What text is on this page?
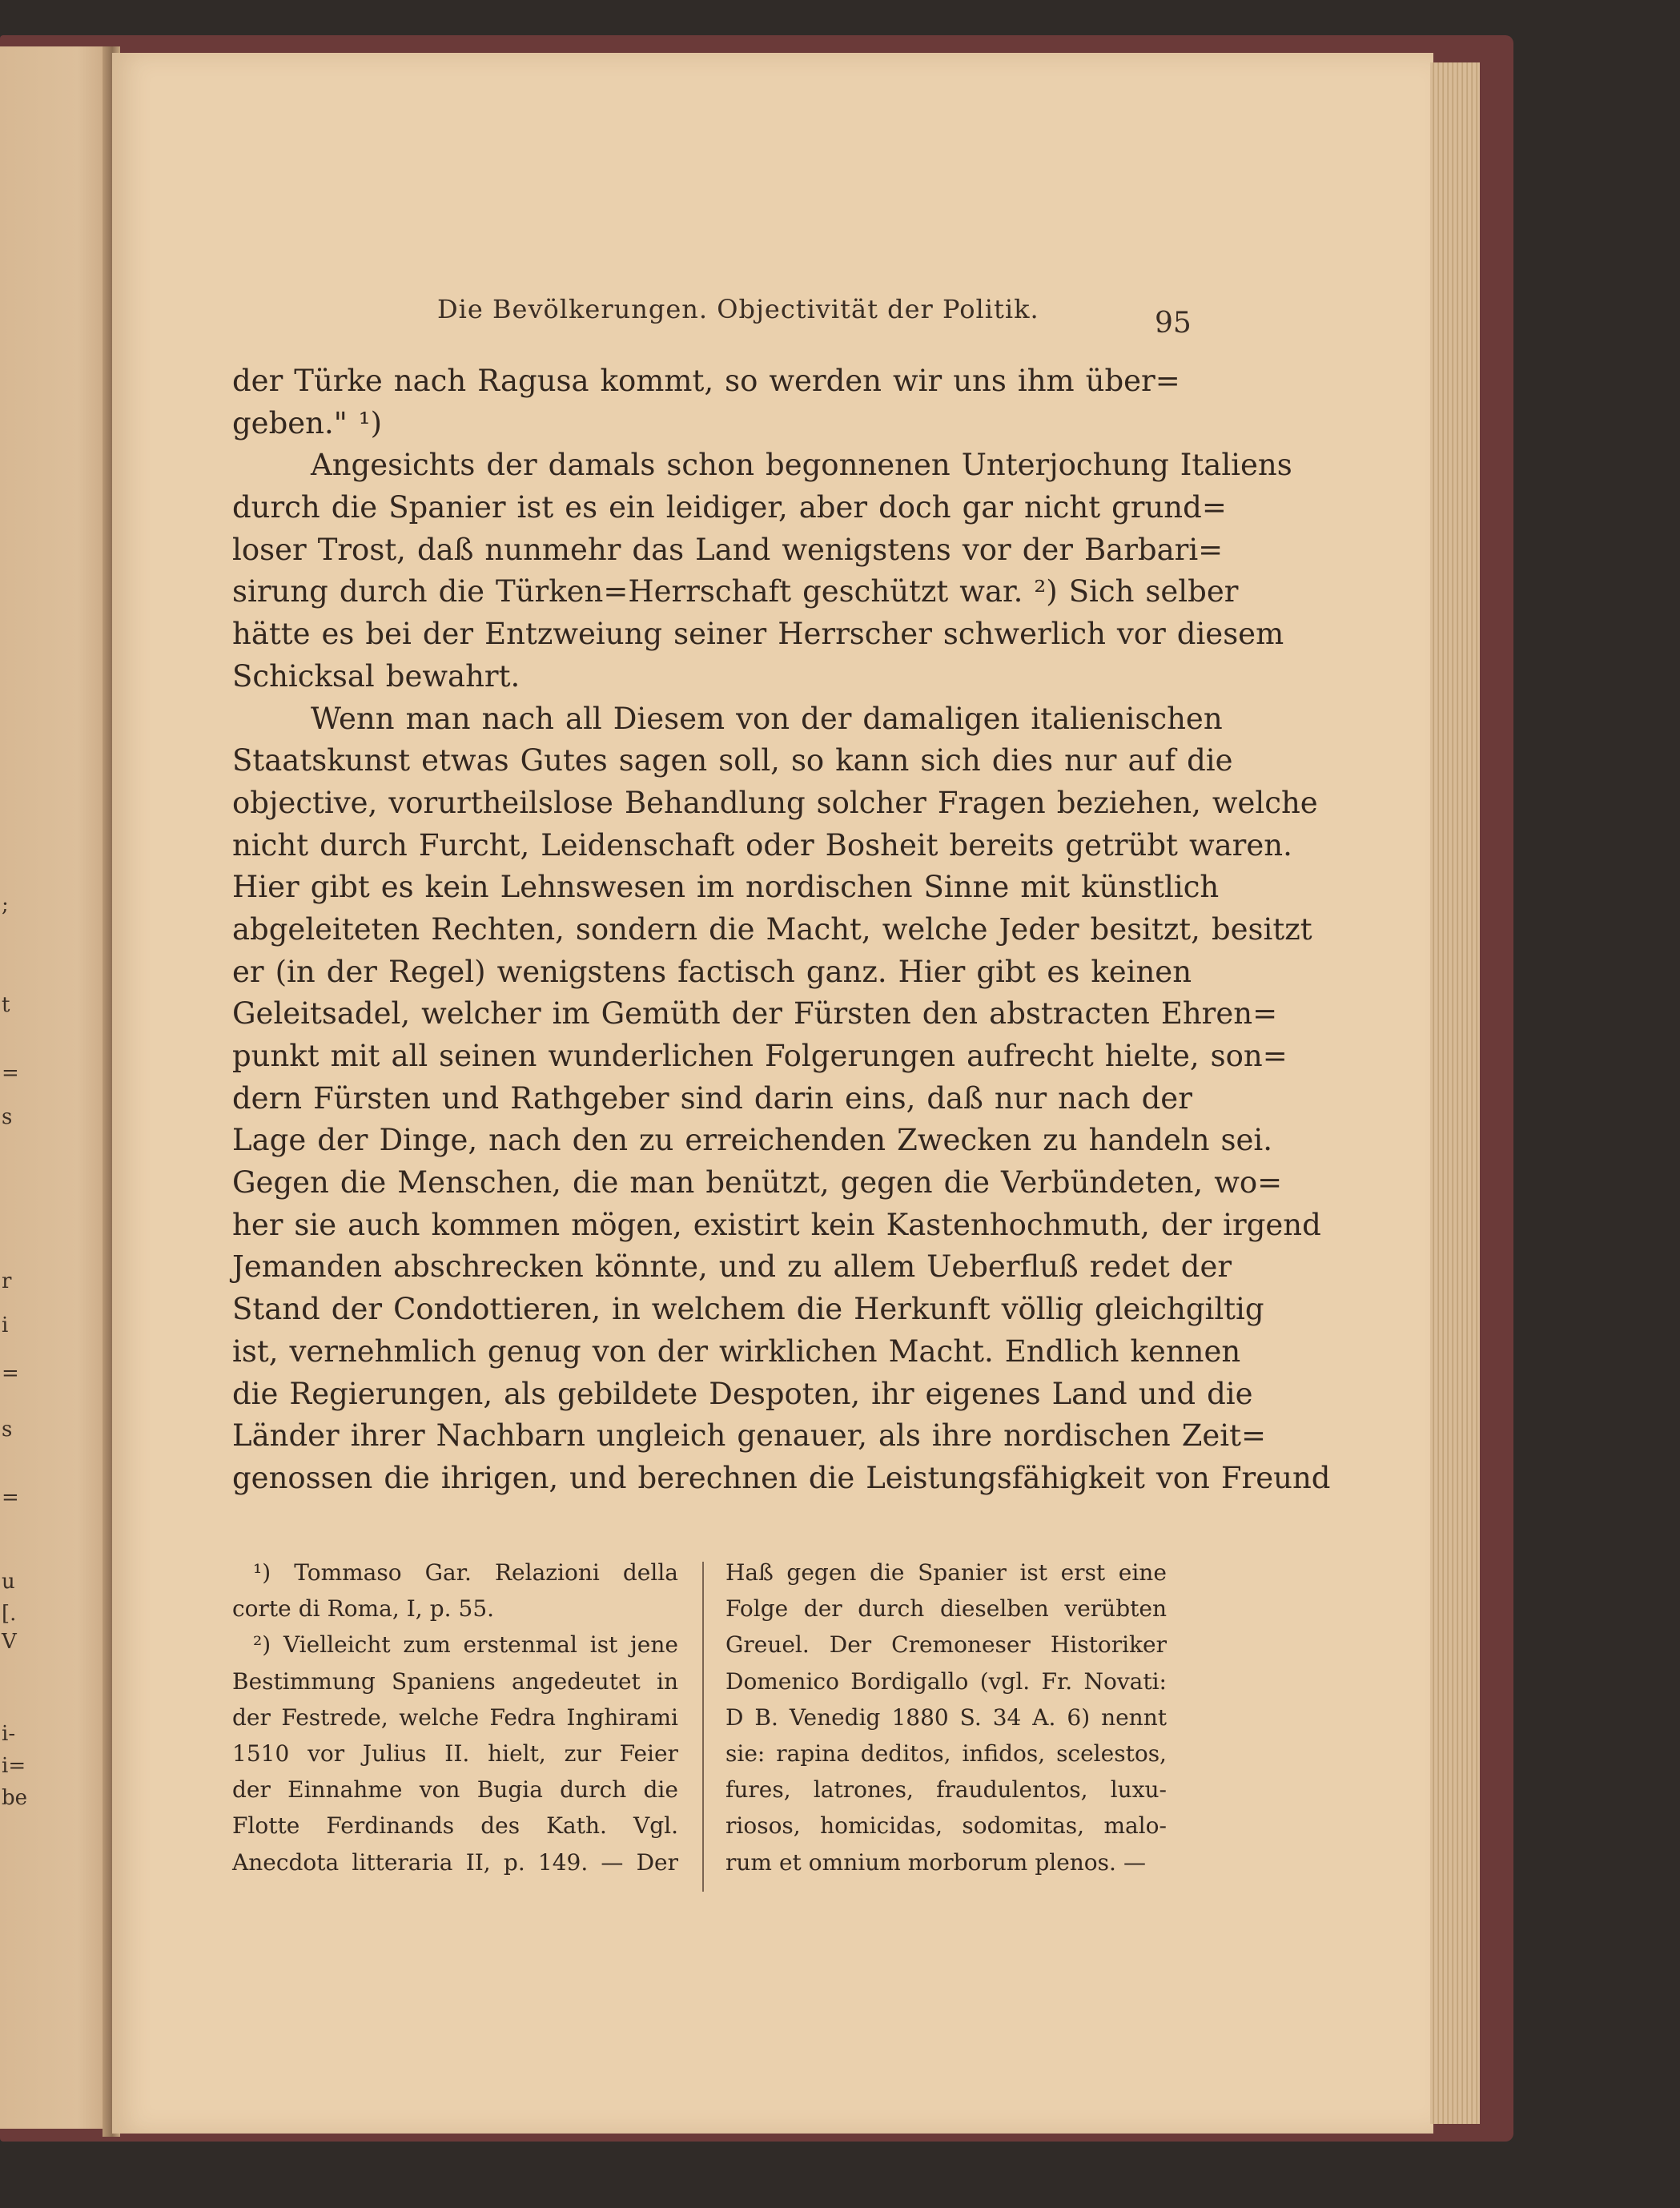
;
t
=
s
r
i
=
s
=
u
[.
V
i-
i=
be
Die Bevölkerungen. Objectivität der Politik.	95
der Türke nach Ragusa kommt, so werden wir uns ihm über=
geben." ¹)
Angesichts der damals schon begonnenen Unterjochung Italiens
durch die Spanier ist es ein leidiger, aber doch gar nicht grund=
loser Trost, daß nunmehr das Land wenigstens vor der Barbari=
sirung durch die Türken=Herrschaft geschützt war. ²) Sich selber
hätte es bei der Entzweiung seiner Herrscher schwerlich vor diesem
Schicksal bewahrt.
Wenn man nach all Diesem von der damaligen italienischen
Staatskunst etwas Gutes sagen soll, so kann sich dies nur auf die
objective, vorurtheilslose Behandlung solcher Fragen beziehen, welche
nicht durch Furcht, Leidenschaft oder Bosheit bereits getrübt waren.
Hier gibt es kein Lehnswesen im nordischen Sinne mit künstlich
abgeleiteten Rechten, sondern die Macht, welche Jeder besitzt, besitzt
er (in der Regel) wenigstens factisch ganz. Hier gibt es keinen
Geleitsadel, welcher im Gemüth der Fürsten den abstracten Ehren=
punkt mit all seinen wunderlichen Folgerungen aufrecht hielte, son=
dern Fürsten und Rathgeber sind darin eins, daß nur nach der
Lage der Dinge, nach den zu erreichenden Zwecken zu handeln sei.
Gegen die Menschen, die man benützt, gegen die Verbündeten, wo=
her sie auch kommen mögen, existirt kein Kastenhochmuth, der irgend
Jemanden abschrecken könnte, und zu allem Ueberfluß redet der
Stand der Condottieren, in welchem die Herkunft völlig gleichgiltig
ist, vernehmlich genug von der wirklichen Macht. Endlich kennen
die Regierungen, als gebildete Despoten, ihr eigenes Land und die
Länder ihrer Nachbarn ungleich genauer, als ihre nordischen Zeit=
genossen die ihrigen, und berechnen die Leistungsfähigkeit von Freund
¹) Tommaso Gar. Relazioni della
corte di Roma, I, p. 55.
²) Vielleicht zum erstenmal ist jene
Bestimmung Spaniens angedeutet in
der Festrede, welche Fedra Inghirami
1510 vor Julius II. hielt, zur Feier
der Einnahme von Bugia durch die
Flotte Ferdinands des Kath. Vgl.
Anecdota litteraria II, p. 149. — Der
Haß gegen die Spanier ist erst eine
Folge der durch dieselben verübten
Greuel. Der Cremoneser Historiker
Domenico Bordigallo (vgl. Fr. Novati:
D B. Venedig 1880 S. 34 A. 6) nennt
sie: rapina deditos, infidos, scelestos,
fures, latrones, fraudulentos, luxu-
riosos, homicidas, sodomitas, malo-
rum et omnium morborum plenos. —
